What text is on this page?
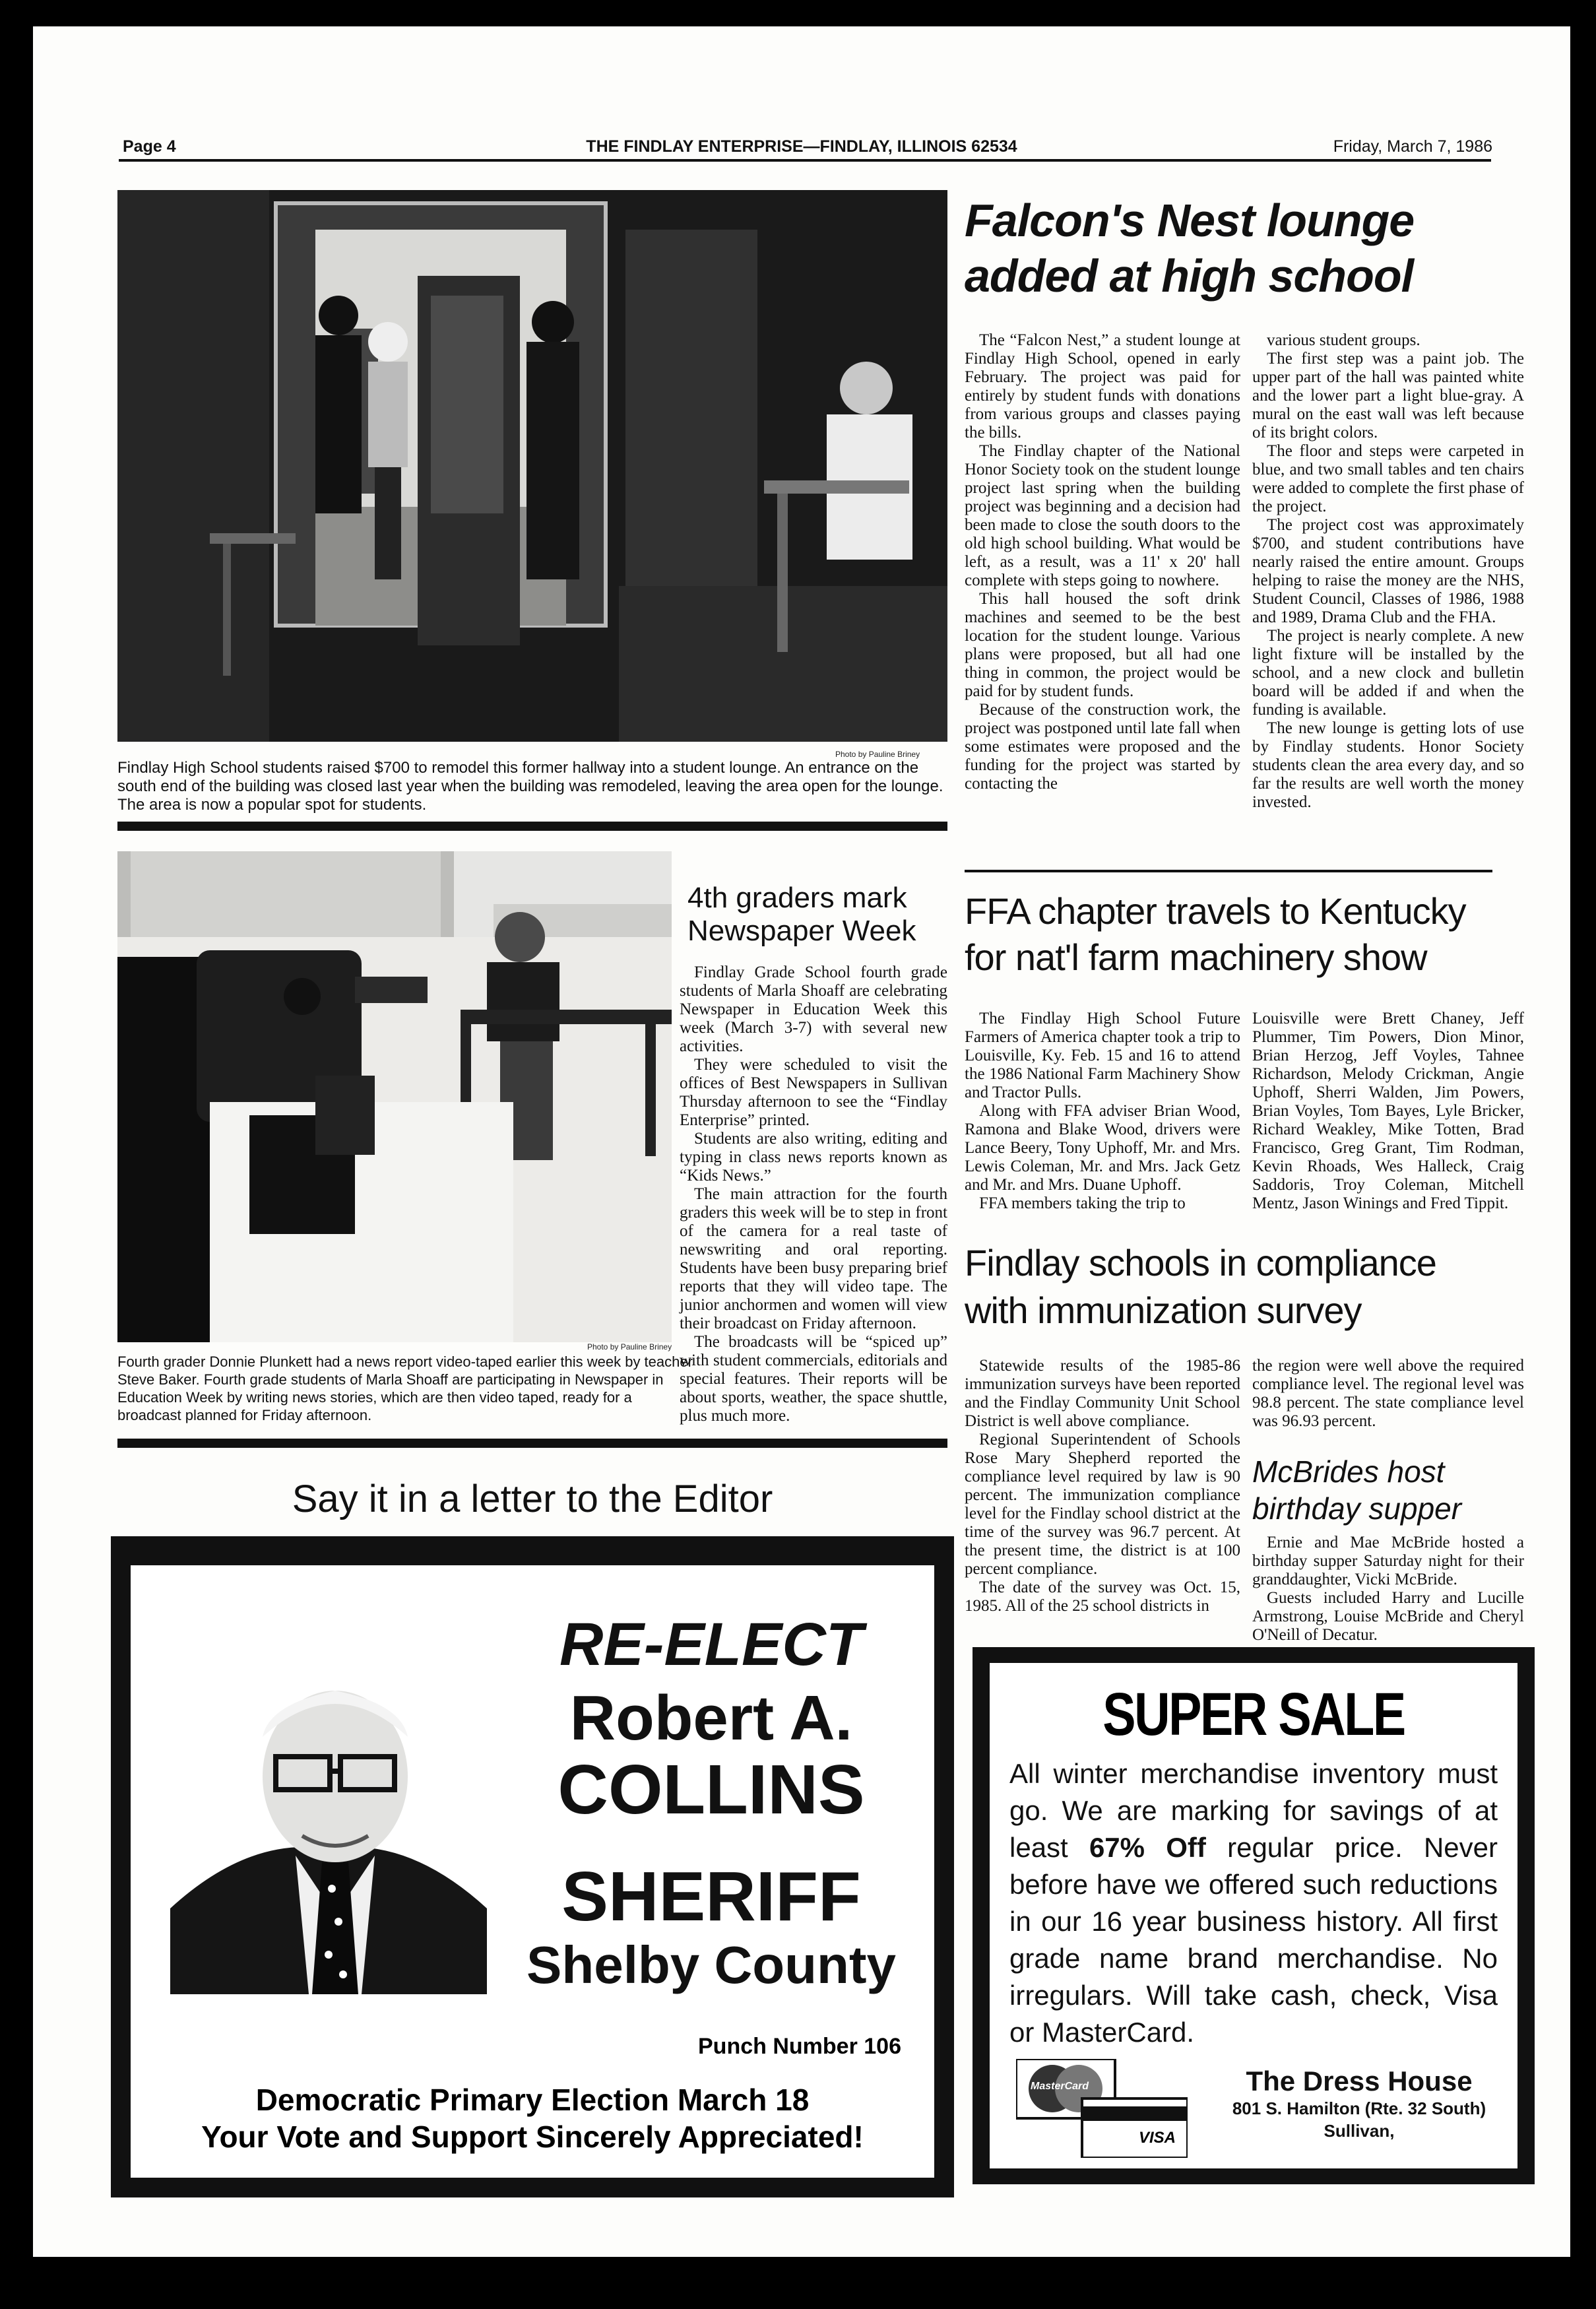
Page 4	THE FINDLAY ENTERPRISE—FINDLAY, ILLINOIS 62534	Friday, March 7, 1986
Photo by Pauline Briney
Findlay High School students raised $700 to remodel this former hallway into a student lounge. An entrance on the south end of the building was closed last year when the building was remodeled, leaving the area open for the lounge. The area is now a popular spot for students.
Falcon's Nest lounge
added at high school

The “Falcon Nest,” a student lounge at Findlay High School, opened in early February. The project was paid for entirely by student funds with donations from various groups and classes paying the bills.

The Findlay chapter of the National Honor Society took on the student lounge project last spring when the building project was beginning and a decision had been made to close the south doors to the old high school building. What would be left, as a result, was a 11' x 20' hall complete with steps going to nowhere.

This hall housed the soft drink machines and seemed to be the best location for the student lounge. Various plans were proposed, but all had one thing in common, the project would be paid for by student funds.

Because of the construction work, the project was postponed until late fall when some estimates were proposed and the funding for the project was started by contacting the

various student groups.

The first step was a paint job. The upper part of the hall was painted white and the lower part a light blue-gray. A mural on the east wall was left because of its bright colors.

The floor and steps were carpeted in blue, and two small tables and ten chairs were added to complete the first phase of the project.

The project cost was approximately $700, and student contributions have nearly raised the entire amount. Groups helping to raise the money are the NHS, Student Council, Classes of 1986, 1988 and 1989, Drama Club and the FHA.

The project is nearly complete. A new light fixture will be installed by the school, and a new clock and bulletin board will be added if and when the funding is available.

The new lounge is getting lots of use by Findlay students. Honor Society students clean the area every day, and so far the results are well worth the money invested.

Photo by Pauline Briney
Fourth grader Donnie Plunkett had a news report video-taped earlier this week by teacher Steve Baker. Fourth grade students of Marla Shoaff are participating in Newspaper in Education Week by writing news stories, which are then video taped, ready for a broadcast planned for Friday afternoon.
4th graders mark
Newspaper Week

Findlay Grade School fourth grade students of Marla Shoaff are celebrating Newspaper in Education Week this week (March 3-7) with several new activities.

They were scheduled to visit the offices of Best Newspapers in Sullivan Thursday afternoon to see the “Findlay Enterprise” printed.

Students are also writing, editing and typing in class news reports known as “Kids News.”

The main attraction for the fourth graders this week will be to step in front of the camera for a real taste of newswriting and oral reporting. Students have been busy preparing brief reports that they will video tape. The junior anchormen and women will view their broadcast on Friday afternoon.

The broadcasts will be “spiced up” with student commercials, editorials and special features. Their reports will be about sports, weather, the space shuttle, plus much more.

FFA chapter travels to Kentucky
for nat'l farm machinery show

The Findlay High School Future Farmers of America chapter took a trip to Louisville, Ky. Feb. 15 and 16 to attend the 1986 National Farm Machinery Show and Tractor Pulls.

Along with FFA adviser Brian Wood, Ramona and Blake Wood, drivers were Lance Beery, Tony Uphoff, Mr. and Mrs. Lewis Coleman, Mr. and Mrs. Jack Getz and Mr. and Mrs. Duane Uphoff.

FFA members taking the trip to

Louisville were Brett Chaney, Jeff Plummer, Tim Powers, Dion Minor, Brian Herzog, Jeff Voyles, Tahnee Richardson, Melody Crickman, Angie Uphoff, Sherri Walden, Jim Powers, Brian Voyles, Tom Bayes, Lyle Bricker, Richard Weakley, Mike Totten, Brad Francisco, Greg Grant, Tim Rodman, Kevin Rhoads, Wes Halleck, Craig Saddoris, Troy Coleman, Mitchell Mentz, Jason Winings and Fred Tippit.

Findlay schools in compliance
with immunization survey

Statewide results of the 1985-86 immunization surveys have been reported and the Findlay Community Unit School District is well above compliance.

Regional Superintendent of Schools Rose Mary Shepherd reported the compliance level required by law is 90 percent. The immunization compliance level for the Findlay school district at the time of the survey was 96.7 percent. At the present time, the district is at 100 percent compliance.

The date of the survey was Oct. 15, 1985. All of the 25 school districts in

the region were well above the required compliance level. The regional level was 98.8 percent. The state compliance level was 96.93 percent.

McBrides host
birthday supper

Ernie and Mae McBride hosted a birthday supper Saturday night for their granddaughter, Vicki McBride.

Guests included Harry and Lucille Armstrong, Louise McBride and Cheryl O'Neill of Decatur.

Say it in a letter to the Editor
RE-ELECT
Robert A.
COLLINS
SHERIFF
Shelby County
Punch Number 106
Democratic Primary Election March 18
Your Vote and Support Sincerely Appreciated!
SUPER SALE
All winter merchandise inventory must go. We are marking for savings of at least 67% Off regular price. Never before have we offered such reductions in our 16 year business history. All first grade name brand merchandise. No irregulars. Will take cash, check, Visa or MasterCard.
MasterCard
VISA
The Dress House
801 S. Hamilton (Rte. 32 South)
Sullivan,
